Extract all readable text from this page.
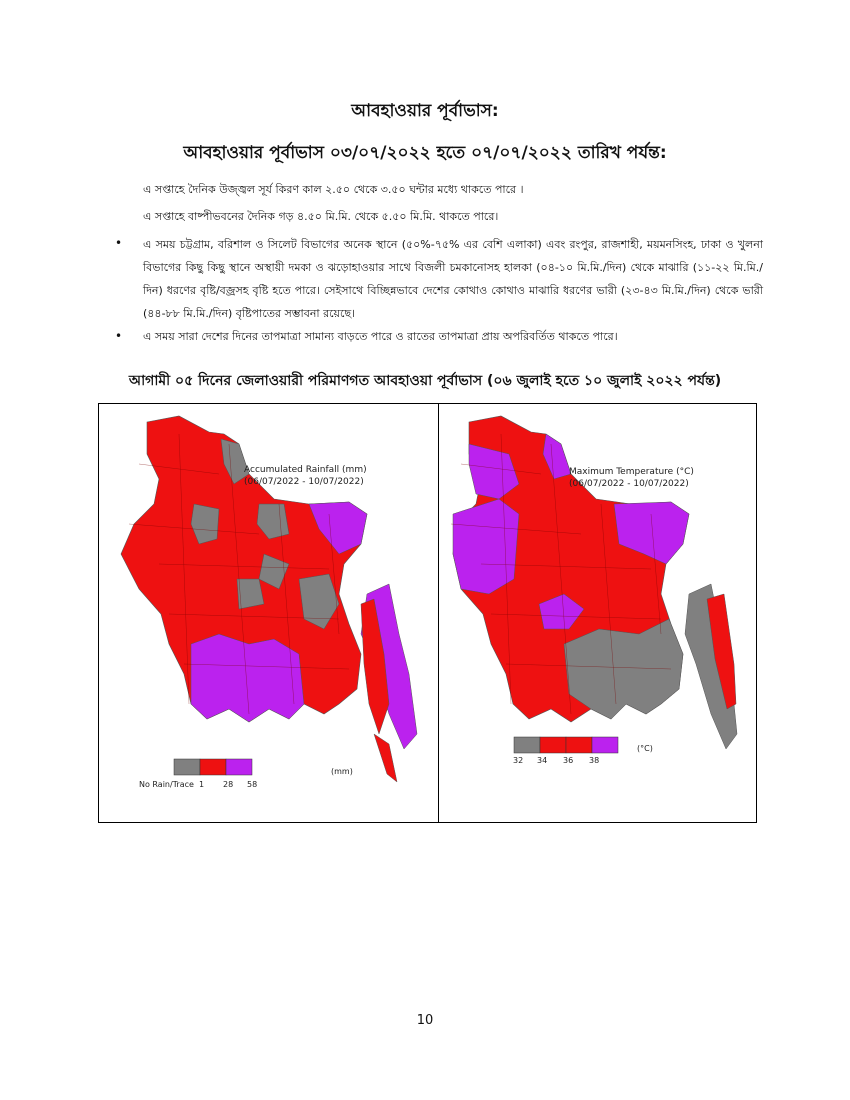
আবহাওয়ার পূর্বাভাস:
আবহাওয়ার পূর্বাভাস ০৩/০৭/২০২২ হতে ০৭/০৭/২০২২ তারিখ পর্যন্ত:
এ সপ্তাহে দৈনিক উজ্জ্বল সূর্য কিরণ কাল ২.৫০ থেকে ৩.৫০ ঘন্টার মধ্যে থাকতে পারে ।
এ সপ্তাহে বাষ্পীভবনের দৈনিক গড় ৪.৫০ মি.মি. থেকে ৫.৫০ মি.মি. থাকতে পারে।
• এ সময় চট্টগ্রাম, বরিশাল ও সিলেট বিভাগের অনেক স্থানে (৫০%-৭৫% এর বেশি এলাকা) এবং রংপুর, রাজশাহী, ময়মনসিংহ, ঢাকা ও খুলনা বিভাগের কিছু কিছু স্থানে অস্থায়ী দমকা ও ঝড়োহাওয়ার সাথে বিজলী চমকানোসহ হালকা (০৪-১০ মি.মি./দিন) থেকে মাঝারি (১১-২২ মি.মি./দিন) ধরণের বৃষ্টি/বজ্রসহ বৃষ্টি হতে পারে। সেইসাথে বিচ্ছিন্নভাবে দেশের কোথাও কোথাও মাঝারি ধরণের ভারী (২৩-৪৩ মি.মি./দিন) থেকে ভারী (৪৪-৮৮ মি.মি./দিন) বৃষ্টিপাতের সম্ভাবনা রয়েছে।
• এ সময় সারা দেশের দিনের তাপমাত্রা সামান্য বাড়তে পারে ও রাতের তাপমাত্রা প্রায় অপরিবর্তিত থাকতে পারে।
আগামী ০৫ দিনের জেলাওয়ারী পরিমাণগত আবহাওয়া পূর্বাভাস (০৬ জুলাই হতে ১০ জুলাই ২০২২ পর্যন্ত)
Accumulated Rainfall (mm)
(06/07/2022 - 10/07/2022)
No Rain/Trace 1 28 58
(mm)
Maximum Temperature (°C)
(06/07/2022 - 10/07/2022)
32 34 36 38
(°C)
10
